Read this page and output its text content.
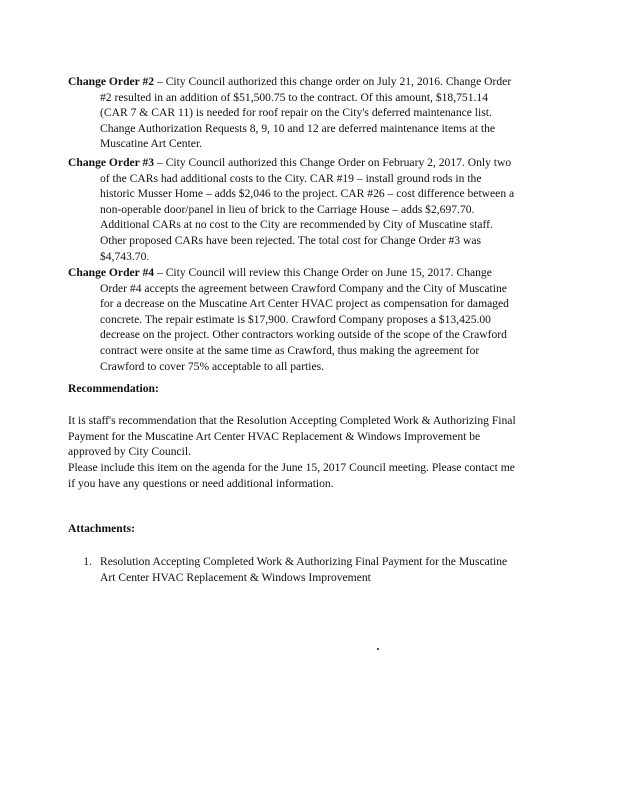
Change Order #2 – City Council authorized this change order on July 21, 2016. Change Order
#2 resulted in an addition of $51,500.75 to the contract. Of this amount, $18,751.14
(CAR 7 & CAR 11) is needed for roof repair on the City's deferred maintenance list.
Change Authorization Requests 8, 9, 10 and 12 are deferred maintenance items at the
Muscatine Art Center.
Change Order #3 – City Council authorized this Change Order on February 2, 2017. Only two
of the CARs had additional costs to the City. CAR #19 – install ground rods in the
historic Musser Home – adds $2,046 to the project. CAR #26 – cost difference between a
non-operable door/panel in lieu of brick to the Carriage House – adds $2,697.70.
Additional CARs at no cost to the City are recommended by City of Muscatine staff.
Other proposed CARs have been rejected. The total cost for Change Order #3 was
$4,743.70.
Change Order #4 – City Council will review this Change Order on June 15, 2017. Change
Order #4 accepts the agreement between Crawford Company and the City of Muscatine
for a decrease on the Muscatine Art Center HVAC project as compensation for damaged
concrete. The repair estimate is $17,900. Crawford Company proposes a $13,425.00
decrease on the project. Other contractors working outside of the scope of the Crawford
contract were onsite at the same time as Crawford, thus making the agreement for
Crawford to cover 75% acceptable to all parties.
Recommendation:
It is staff's recommendation that the Resolution Accepting Completed Work & Authorizing Final
Payment for the Muscatine Art Center HVAC Replacement & Windows Improvement be
approved by City Council.
Please include this item on the agenda for the June 15, 2017 Council meeting. Please contact me
if you have any questions or need additional information.
Attachments:
1. Resolution Accepting Completed Work & Authorizing Final Payment for the Muscatine
Art Center HVAC Replacement & Windows Improvement
